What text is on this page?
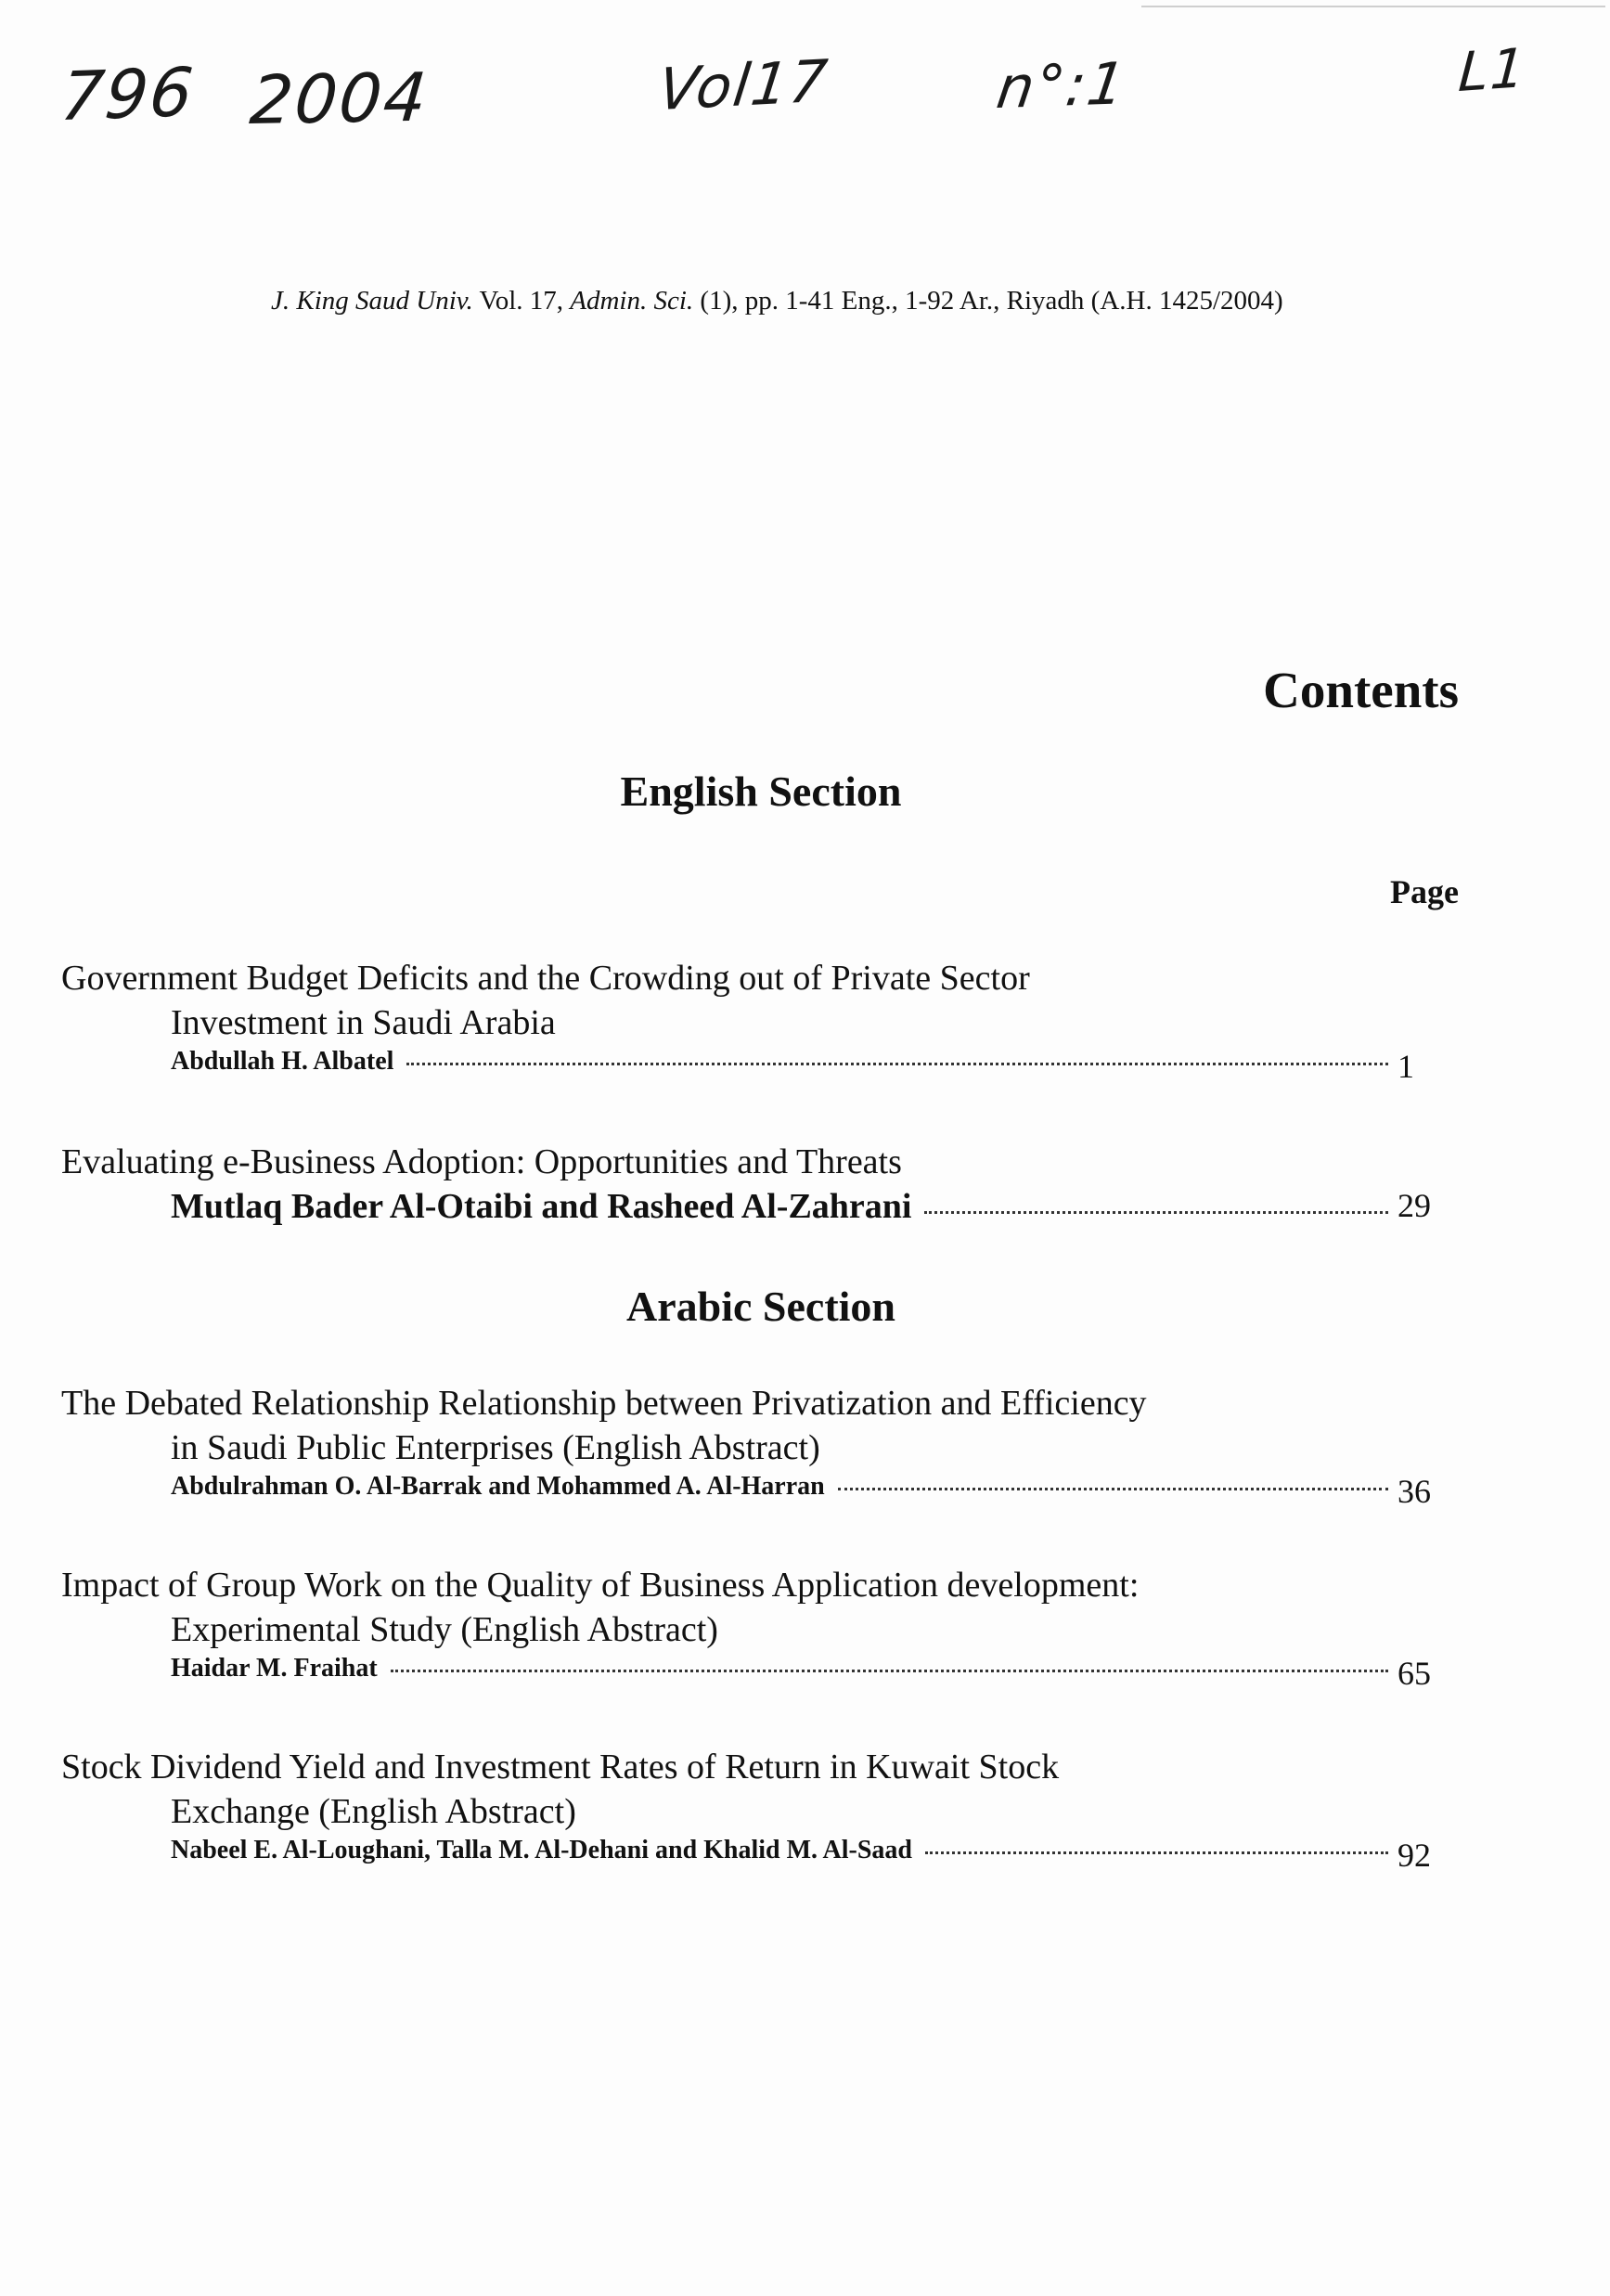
796 2004	Vol17	n°:1	L1
J. King Saud Univ. Vol. 17, Admin. Sci. (1), pp. 1-41 Eng., 1-92 Ar., Riyadh (A.H. 1425/2004)
Contents
English Section
Page

Government Budget Deficits and the Crowding out of Private Sector
Investment in Saudi Arabia

Abdullah H. Albatel	1

Evaluating e-Business Adoption: Opportunities and Threats

Mutlaq Bader Al-Otaibi and Rasheed Al-Zahrani	29
Arabic Section

The Debated Relationship Relationship between Privatization and Efficiency
in Saudi Public Enterprises (English Abstract)

Abdulrahman O. Al-Barrak and Mohammed A. Al-Harran	36

Impact of Group Work on the Quality of Business Application development:
Experimental Study (English Abstract)

Haidar M. Fraihat	65

Stock Dividend Yield and Investment Rates of Return in Kuwait Stock
Exchange (English Abstract)

Nabeel E. Al-Loughani, Talla M. Al-Dehani and Khalid M. Al-Saad	92
